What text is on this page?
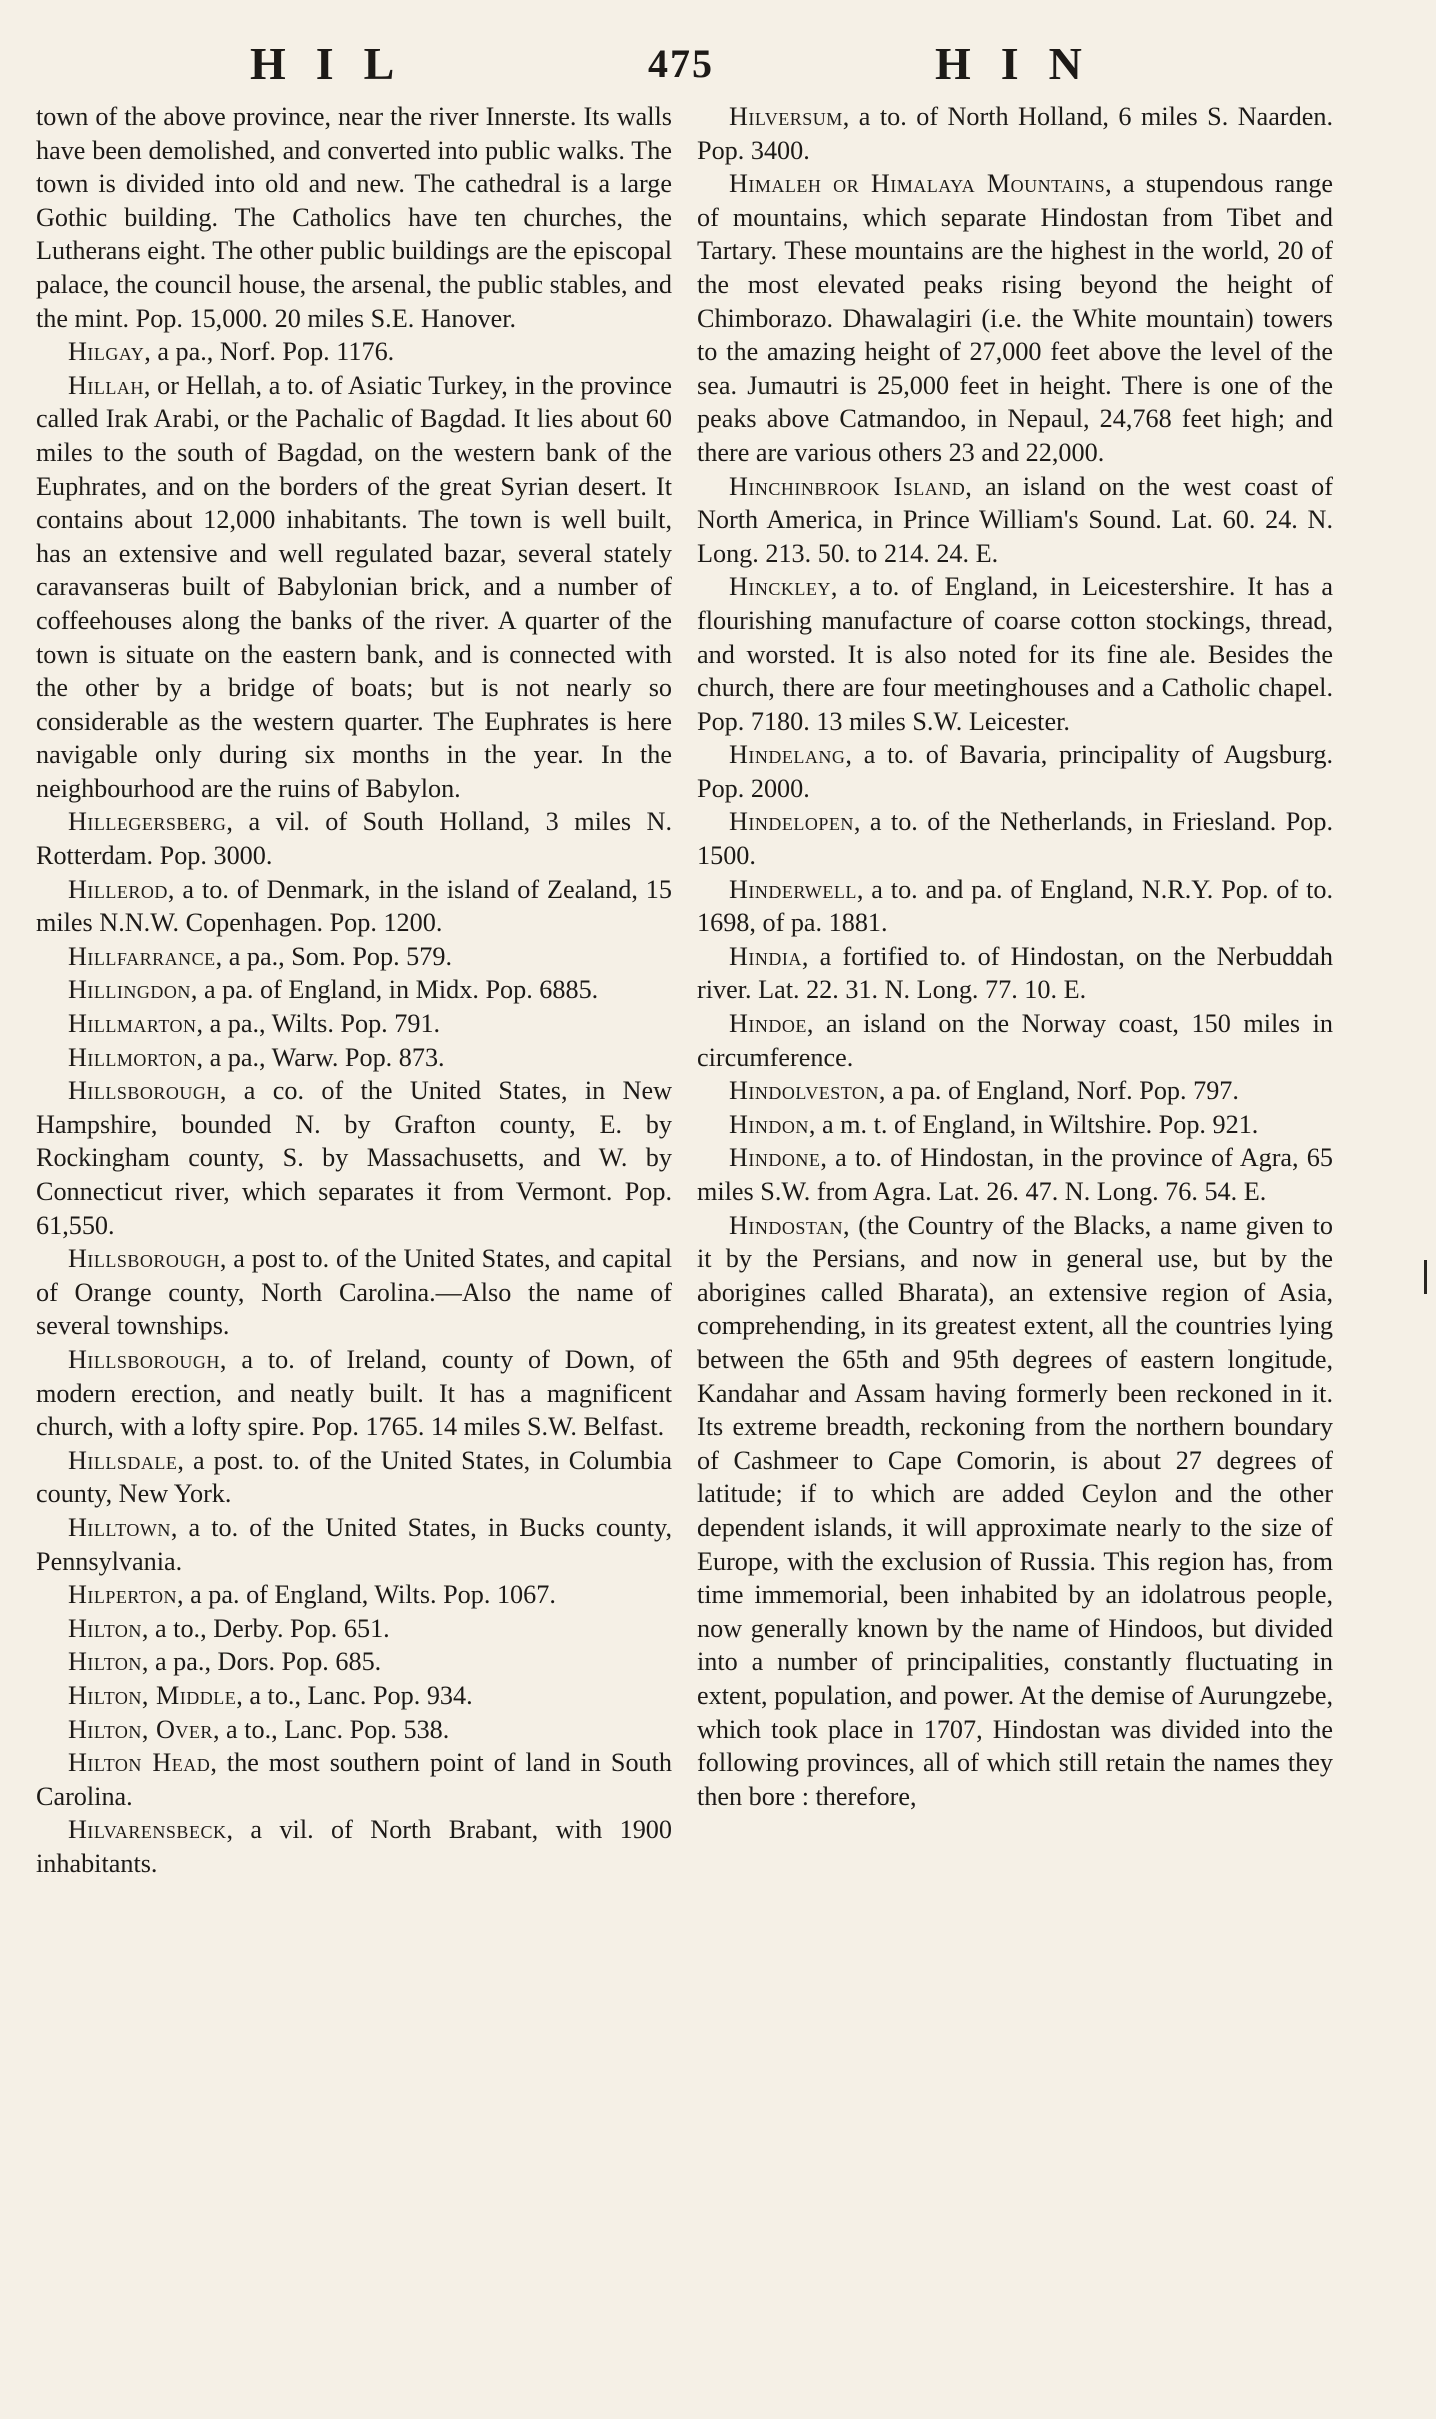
HIL	475	HIN

town of the above province, near the river Innerste. Its walls have been demolished, and converted into public walks. The town is divided into old and new. The cathedral is a large Gothic building. The Catholics have ten churches, the Lutherans eight. The other public buildings are the episcopal palace, the council house, the arsenal, the public stables, and the mint. Pop. 15,000. 20 miles S.E. Hanover.

Hilgay, a pa., Norf. Pop. 1176.

Hillah, or Hellah, a to. of Asiatic Turkey, in the province called Irak Arabi, or the Pachalic of Bagdad. It lies about 60 miles to the south of Bagdad, on the western bank of the Euphrates, and on the borders of the great Syrian desert. It contains about 12,000 inhabitants. The town is well built, has an extensive and well regulated bazar, several stately caravanseras built of Babylonian brick, and a number of coffeehouses along the banks of the river. A quarter of the town is situate on the eastern bank, and is connected with the other by a bridge of boats; but is not nearly so considerable as the western quarter. The Euphrates is here navigable only during six months in the year. In the neighbourhood are the ruins of Babylon.

Hillegersberg, a vil. of South Holland, 3 miles N. Rotterdam. Pop. 3000.

Hillerod, a to. of Denmark, in the island of Zealand, 15 miles N.N.W. Copenhagen. Pop. 1200.

Hillfarrance, a pa., Som. Pop. 579.

Hillingdon, a pa. of England, in Midx. Pop. 6885.

Hillmarton, a pa., Wilts. Pop. 791.

Hillmorton, a pa., Warw. Pop. 873.

Hillsborough, a co. of the United States, in New Hampshire, bounded N. by Grafton county, E. by Rockingham county, S. by Massachusetts, and W. by Connecticut river, which separates it from Vermont. Pop. 61,550.

Hillsborough, a post to. of the United States, and capital of Orange county, North Carolina.—Also the name of several townships.

Hillsborough, a to. of Ireland, county of Down, of modern erection, and neatly built. It has a magnificent church, with a lofty spire. Pop. 1765. 14 miles S.W. Belfast.

Hillsdale, a post. to. of the United States, in Columbia county, New York.

Hilltown, a to. of the United States, in Bucks county, Pennsylvania.

Hilperton, a pa. of England, Wilts. Pop. 1067.

Hilton, a to., Derby. Pop. 651.

Hilton, a pa., Dors. Pop. 685.

Hilton, Middle, a to., Lanc. Pop. 934.

Hilton, Over, a to., Lanc. Pop. 538.

Hilton Head, the most southern point of land in South Carolina.

Hilvarensbeck, a vil. of North Brabant, with 1900 inhabitants.

Hilversum, a to. of North Holland, 6 miles S. Naarden. Pop. 3400.

Himaleh or Himalaya Mountains, a stupendous range of mountains, which separate Hindostan from Tibet and Tartary. These mountains are the highest in the world, 20 of the most elevated peaks rising beyond the height of Chimborazo. Dhawalagiri (i.e. the White mountain) towers to the amazing height of 27,000 feet above the level of the sea. Jumautri is 25,000 feet in height. There is one of the peaks above Catmandoo, in Nepaul, 24,768 feet high; and there are various others 23 and 22,000.

Hinchinbrook Island, an island on the west coast of North America, in Prince William's Sound. Lat. 60. 24. N. Long. 213. 50. to 214. 24. E.

Hinckley, a to. of England, in Leicestershire. It has a flourishing manufacture of coarse cotton stockings, thread, and worsted. It is also noted for its fine ale. Besides the church, there are four meetinghouses and a Catholic chapel. Pop. 7180. 13 miles S.W. Leicester.

Hindelang, a to. of Bavaria, principality of Augsburg. Pop. 2000.

Hindelopen, a to. of the Netherlands, in Friesland. Pop. 1500.

Hinderwell, a to. and pa. of England, N.R.Y. Pop. of to. 1698, of pa. 1881.

Hindia, a fortified to. of Hindostan, on the Nerbuddah river. Lat. 22. 31. N. Long. 77. 10. E.

Hindoe, an island on the Norway coast, 150 miles in circumference.

Hindolveston, a pa. of England, Norf. Pop. 797.

Hindon, a m. t. of England, in Wiltshire. Pop. 921.

Hindone, a to. of Hindostan, in the province of Agra, 65 miles S.W. from Agra. Lat. 26. 47. N. Long. 76. 54. E.

Hindostan, (the Country of the Blacks, a name given to it by the Persians, and now in general use, but by the aborigines called Bharata), an extensive region of Asia, comprehending, in its greatest extent, all the countries lying between the 65th and 95th degrees of eastern longitude, Kandahar and Assam having formerly been reckoned in it. Its extreme breadth, reckoning from the northern boundary of Cashmeer to Cape Comorin, is about 27 degrees of latitude; if to which are added Ceylon and the other dependent islands, it will approximate nearly to the size of Europe, with the exclusion of Russia. This region has, from time immemorial, been inhabited by an idolatrous people, now generally known by the name of Hindoos, but divided into a number of principalities, constantly fluctuating in extent, population, and power. At the demise of Aurungzebe, which took place in 1707, Hindostan was divided into the following provinces, all of which still retain the names they then bore : therefore,
